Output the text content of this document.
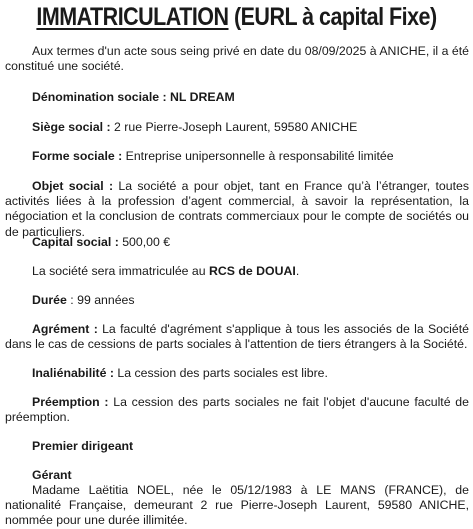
IMMATRICULATION (EURL à capital Fixe)
Aux termes d'un acte sous seing privé en date du 08/09/2025 à ANICHE, il a été constitué une société.
Dénomination sociale : NL DREAM
Siège social : 2 rue Pierre-Joseph Laurent, 59580 ANICHE
Forme sociale : Entreprise unipersonnelle à responsabilité limitée
Objet social : La société a pour objet, tant en France qu’à l’étranger, toutes activités liées à la profession d’agent commercial, à savoir la représentation, la négociation et la conclusion de contrats commerciaux pour le compte de sociétés ou de particuliers.
Capital social : 500,00 €
La société sera immatriculée au RCS de DOUAI.
Durée : 99 années
Agrément : La faculté d'agrément s'applique à tous les associés de la Société dans le cas de cessions de parts sociales à l'attention de tiers étrangers à la Société.
Inaliénabilité : La cession des parts sociales est libre.
Préemption : La cession des parts sociales ne fait l'objet d'aucune faculté de préemption.
Premier dirigeant
Gérant
Madame Laëtitia NOEL, née le 05/12/1983 à LE MANS (FRANCE), de nationalité Française, demeurant 2 rue Pierre-Joseph Laurent, 59580 ANICHE, nommée pour une durée illimitée.
